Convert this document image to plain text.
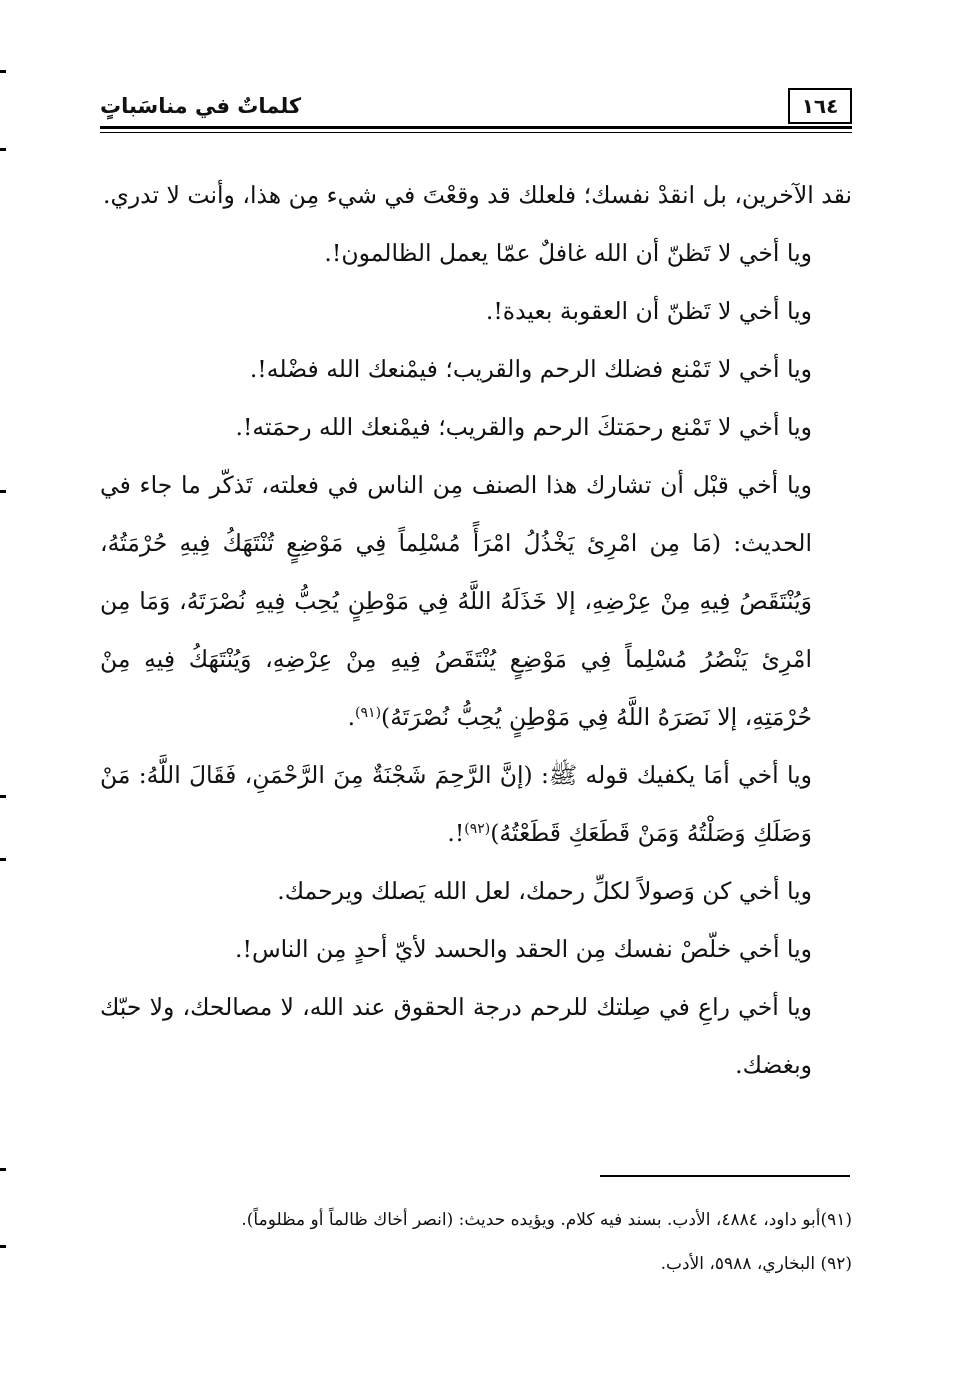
١٦٤
كلماتٌ في مناسَباتٍ

نقد الآخرين، بل انقدْ نفسك؛ فلعلك قد وقعْتَ في شيء مِن هذا، وأنت لا تدري.

ويا أخي لا تَظنّ أن الله غافلٌ عمّا يعمل الظالمون!.

ويا أخي لا تَظنّ أن العقوبة بعيدة!.

ويا أخي لا تَمْنع فضلك الرحم والقريب؛ فيمْنعك الله فضْله!.

ويا أخي لا تَمْنع رحمَتكَ الرحم والقريب؛ فيمْنعك الله رحمَته!.

ويا أخي قبْل أن تشارك هذا الصنف مِن الناس في فعلته، تَذكّر ما جاء في الحديث: (مَا مِن امْرِئ يَخْذُلُ امْرَأً مُسْلِماً فِي مَوْضِعٍ تُنْتَهَكُ فِيهِ حُرْمَتُهُ، وَيُنْتَقَصُ فِيهِ مِنْ عِرْضِهِ، إلا خَذَلَهُ اللَّهُ فِي مَوْطِنٍ يُحِبُّ فِيهِ نُصْرَتَهُ، وَمَا مِن امْرِئ يَنْصُرُ مُسْلِماً فِي مَوْضِعٍ يُنْتَقَصُ فِيهِ مِنْ عِرْضِهِ، وَيُنْتَهَكُ فِيهِ مِنْ حُرْمَتِهِ، إلا نَصَرَهُ اللَّهُ فِي مَوْطِنٍ يُحِبُّ نُصْرَتَهُ)$^{(٩١)}$.

ويا أخي أمَا يكفيك قوله ﷺ: (إنَّ الرَّحِمَ شَجْنَةٌ مِنَ الرَّحْمَنِ، فَقَالَ اللَّهُ: مَنْ وَصَلَكِ وَصَلْتُهُ وَمَنْ قَطَعَكِ قَطَعْتُهُ)$^{(٩٢)}$!.

ويا أخي كن وَصولاً لكلِّ رحمك، لعل الله يَصلك ويرحمك.

ويا أخي خلّصْ نفسك مِن الحقد والحسد لأيّ أحدٍ مِن الناس!.

ويا أخي راعِ في صِلتك للرحم درجة الحقوق عند الله، لا مصالحك، ولا حبّك وبغضك.

(٩١)أبو داود، ٤٨٨٤، الأدب. بسند فيه كلام. ويؤيده حديث: (انصر أخاك ظالماً أو مظلوماً).

(٩٢) البخاري، ٥٩٨٨، الأدب.
